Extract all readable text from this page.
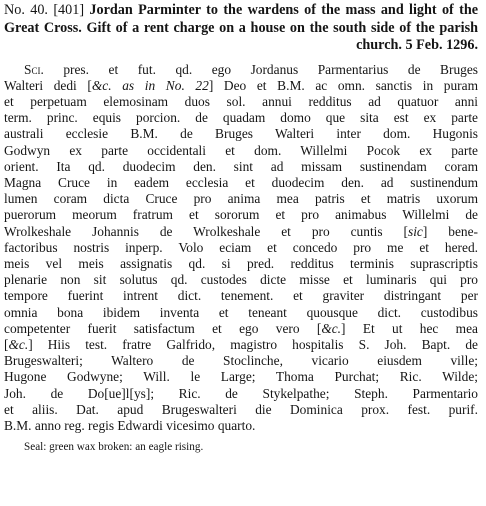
No. 40. [401] Jordan Parminter to the wardens of the mass and light of the Great Cross. Gift of a rent charge on a house on the south side of the parish church. 5 Feb. 1296.

Sci. pres. et fut. qd. ego Jordanus Parmentarius de Bruges
Walteri dedi [&c. as in No. 22] Deo et B.M. ac omn. sanctis in puram
et perpetuam elemosinam duos sol. annui redditus ad quatuor anni
term. princ. equis porcion. de quadam domo que sita est ex parte
australi ecclesie B.M. de Bruges Walteri inter dom. Hugonis
Godwyn ex parte occidentali et dom. Willelmi Pocok ex parte
orient. Ita qd. duodecim den. sint ad missam sustinendam coram
Magna Cruce in eadem ecclesia et duodecim den. ad sustinendum
lumen coram dicta Cruce pro anima mea patris et matris uxorum
puerorum meorum fratrum et sororum et pro animabus Willelmi de
Wrolkeshale Johannis de Wrolkeshale et pro cuntis [sic] bene-
factoribus nostris inperp. Volo eciam et concedo pro me et hered.
meis vel meis assignatis qd. si pred. redditus terminis suprascriptis
plenarie non sit solutus qd. custodes dicte misse et luminaris qui pro
tempore fuerint intrent dict. tenement. et graviter distringant per
omnia bona ibidem inventa et teneant quousque dict. custodibus
competenter fuerit satisfactum et ego vero [&c.] Et ut hec mea
[&c.] Hiis test. fratre Galfrido, magistro hospitalis S. Joh. Bapt. de
Brugeswalteri; Waltero de Stoclinche, vicario eiusdem ville;
Hugone Godwyne; Will. le Large; Thoma Purchat; Ric. Wilde;
Joh. de Do[ue]l[ys]; Ric. de Stykelpathe; Steph. Parmentario
et aliis. Dat. apud Brugeswalteri die Dominica prox. fest. purif.
B.M. anno reg. regis Edwardi vicesimo quarto.

Seal: green wax broken: an eagle rising.
